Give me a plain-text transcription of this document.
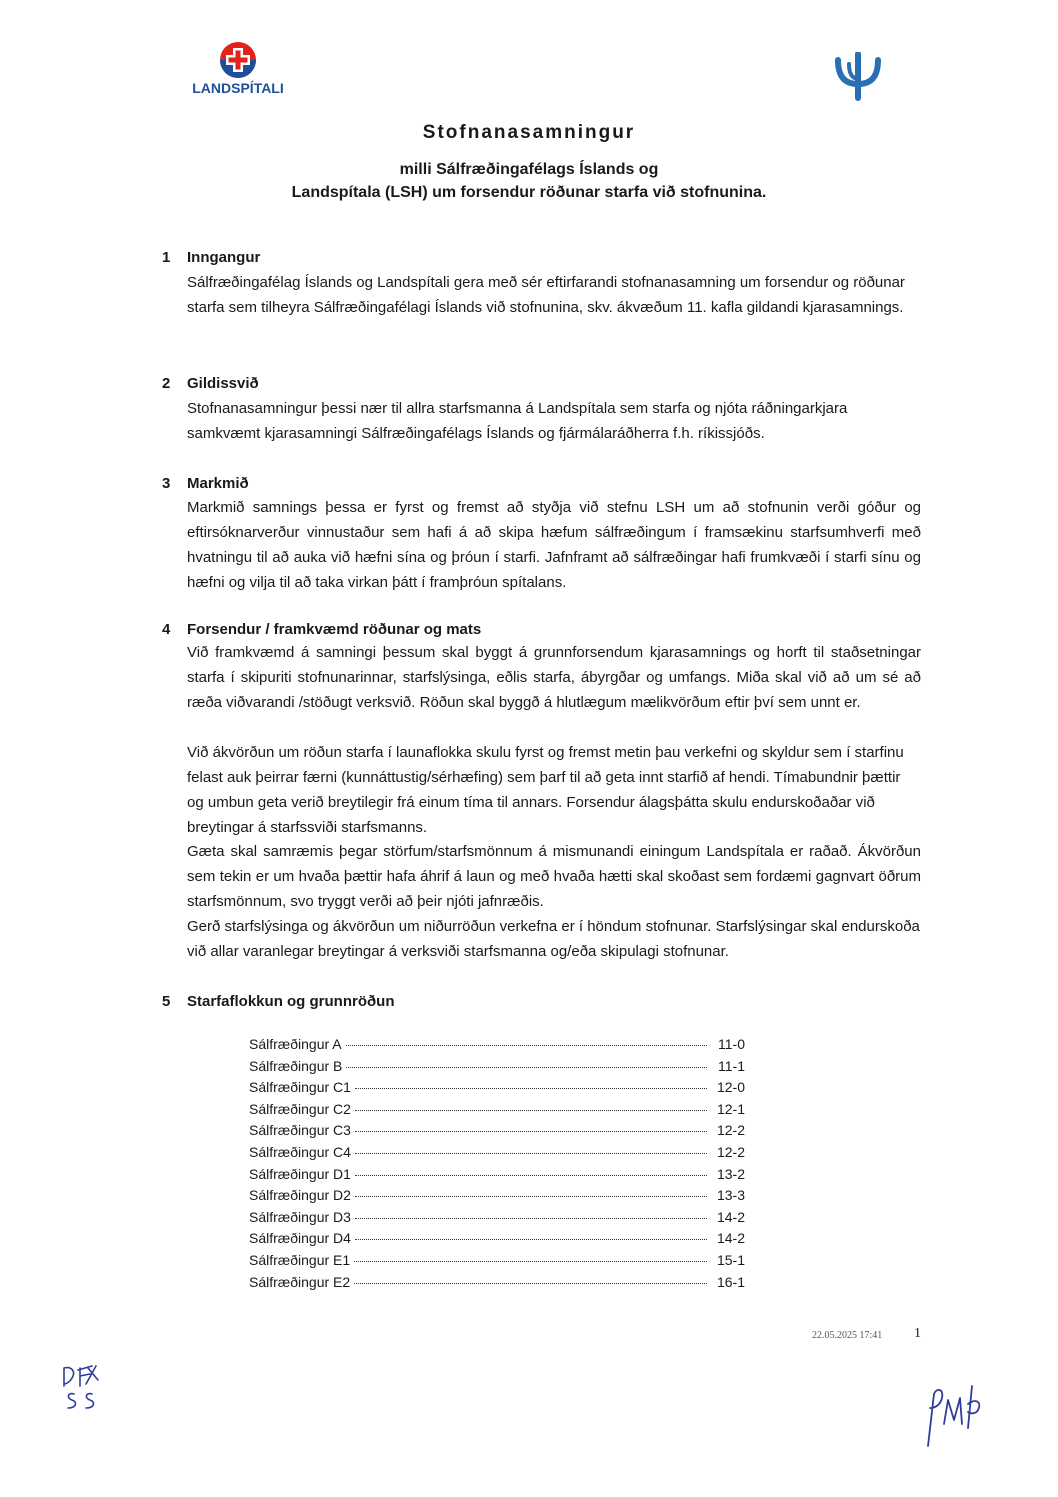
LANDSPÍTALI
Stofnanasamningur
milli Sálfræðingafélags Íslands og
Landspítala (LSH) um forsendur röðunar starfa við stofnunina.
1 Inngangur

Sálfræðingafélag Íslands og Landspítali gera með sér eftirfarandi stofnanasamning um forsendur og röðunar starfa sem tilheyra Sálfræðingafélagi Íslands við stofnunina, skv. ákvæðum 11. kafla gildandi kjarasamnings.

2 Gildissvið

Stofnanasamningur þessi nær til allra starfsmanna á Landspítala sem starfa og njóta ráðningarkjara samkvæmt kjarasamningi Sálfræðingafélags Íslands og fjármálaráðherra f.h. ríkissjóðs.

3 Markmið

Markmið samnings þessa er fyrst og fremst að styðja við stefnu LSH um að stofnunin verði góður og eftirsóknarverður vinnustaður sem hafi á að skipa hæfum sálfræðingum í framsækinu starfsumhverfi með hvatningu til að auka við hæfni sína og þróun í starfi. Jafnframt að sálfræðingar hafi frumkvæði í starfi sínu og hæfni og vilja til að taka virkan þátt í framþróun spítalans.

4 Forsendur / framkvæmd röðunar og mats

Við framkvæmd á samningi þessum skal byggt á grunnforsendum kjarasamnings og horft til staðsetningar starfa í skipuriti stofnunarinnar, starfslýsinga, eðlis starfa, ábyrgðar og umfangs. Miða skal við að um sé að ræða viðvarandi /stöðugt verksvið. Röðun skal byggð á hlutlægum mælikvörðum eftir því sem unnt er.

Við ákvörðun um röðun starfa í launaflokka skulu fyrst og fremst metin þau verkefni og skyldur sem í starfinu felast auk þeirrar færni (kunnáttustig/sérhæfing) sem þarf til að geta innt starfið af hendi. Tímabundnir þættir og umbun geta verið breytilegir frá einum tíma til annars. Forsendur álagsþátta skulu endurskoðaðar við breytingar á starfssviði starfsmanns.

Gæta skal samræmis þegar störfum/starfsmönnum á mismunandi einingum Landspítala er raðað. Ákvörðun sem tekin er um hvaða þættir hafa áhrif á laun og með hvaða hætti skal skoðast sem fordæmi gagnvart öðrum starfsmönnum, svo tryggt verði að þeir njóti jafnræðis.

Gerð starfslýsinga og ákvörðun um niðurröðun verkefna er í höndum stofnunar. Starfslýsingar skal endurskoða við allar varanlegar breytingar á verksviði starfsmanna og/eða skipulagi stofnunar.

5 Starfaflokkun og grunnröðun
Sálfræðingur A	11-0
Sálfræðingur B	11-1
Sálfræðingur C1	12-0
Sálfræðingur C2	12-1
Sálfræðingur C3	12-2
Sálfræðingur C4	12-2
Sálfræðingur D1	13-2
Sálfræðingur D2	13-3
Sálfræðingur D3	14-2
Sálfræðingur D4	14-2
Sálfræðingur E1	15-1
Sálfræðingur E2	16-1
22.05.2025 17:41 1
